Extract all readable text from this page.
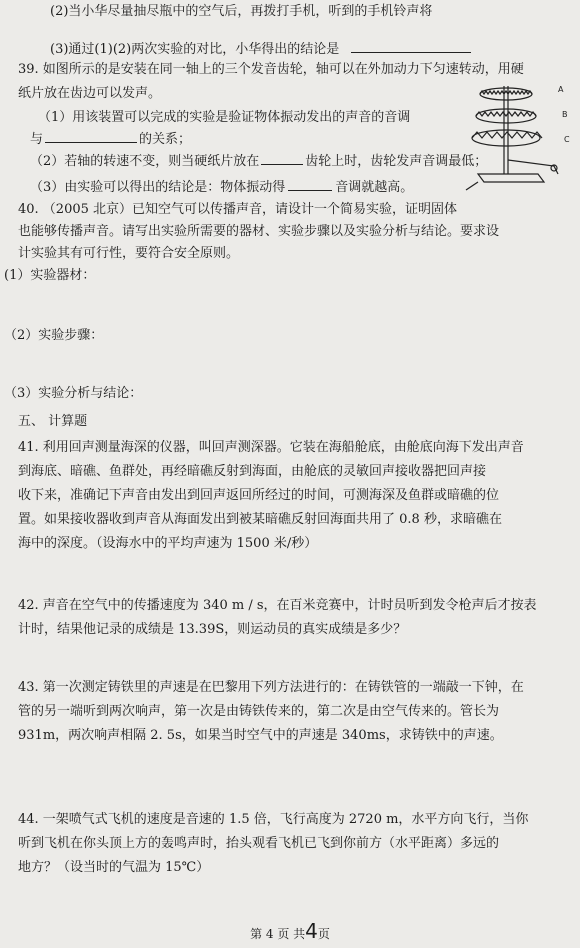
(2)当小华尽量抽尽瓶中的空气后，再拨打手机，听到的手机铃声将
(3)通过(1)(2)两次实验的对比，小华得出的结论是
39. 如图所示的是安装在同一轴上的三个发音齿轮，轴可以在外加动力下匀速转动，用硬
纸片放在齿边可以发声。
（1）用该装置可以完成的实验是验证物体振动发出的声音的音调
与	的关系；
（2）若轴的转速不变，则当硬纸片放在	齿轮上时，齿轮发声音调最低；
（3）由实验可以得出的结论是：物体振动得	音调就越高。
A
B
C
40. （2005 北京）已知空气可以传播声音，请设计一个简易实验，证明固体
也能够传播声音。请写出实验所需要的器材、实验步骤以及实验分析与结论。要求设
计实验其有可行性，要符合安全原则。
(1）实验器材：
（2）实验步骤：
（3）实验分析与结论：
五、 计算题
41. 利用回声测量海深的仪器，叫回声测深器。它装在海船舱底，由舱底向海下发出声音
到海底、暗礁、鱼群处，再经暗礁反射到海面，由舱底的灵敏回声接收器把回声接
收下来，准确记下声音由发出到回声返回所经过的时间，可测海深及鱼群或暗礁的位
置。如果接收器收到声音从海面发出到被某暗礁反射回海面共用了 0.8 秒，求暗礁在
海中的深度。（设海水中的平均声速为 1500 米/秒）
42. 声音在空气中的传播速度为 340 m / s，在百米竞赛中，计时员听到发令枪声后才按表
计时，结果他记录的成绩是 13.39S，则运动员的真实成绩是多少？
43. 第一次测定铸铁里的声速是在巴黎用下列方法进行的：在铸铁管的一端敲一下钟，在
管的另一端听到两次响声，第一次是由铸铁传来的，第二次是由空气传来的。管长为
931m，两次响声相隔 2. 5s，如果当时空气中的声速是 340ms，求铸铁中的声速。
44. 一架喷气式飞机的速度是音速的 1.5 倍，飞行高度为 2720 m，水平方向飞行，当你
听到飞机在你头顶上方的轰鸣声时，抬头观看飞机已飞到你前方（水平距离）多远的
地方？（设当时的气温为 15℃）
第 4 页 共4页
